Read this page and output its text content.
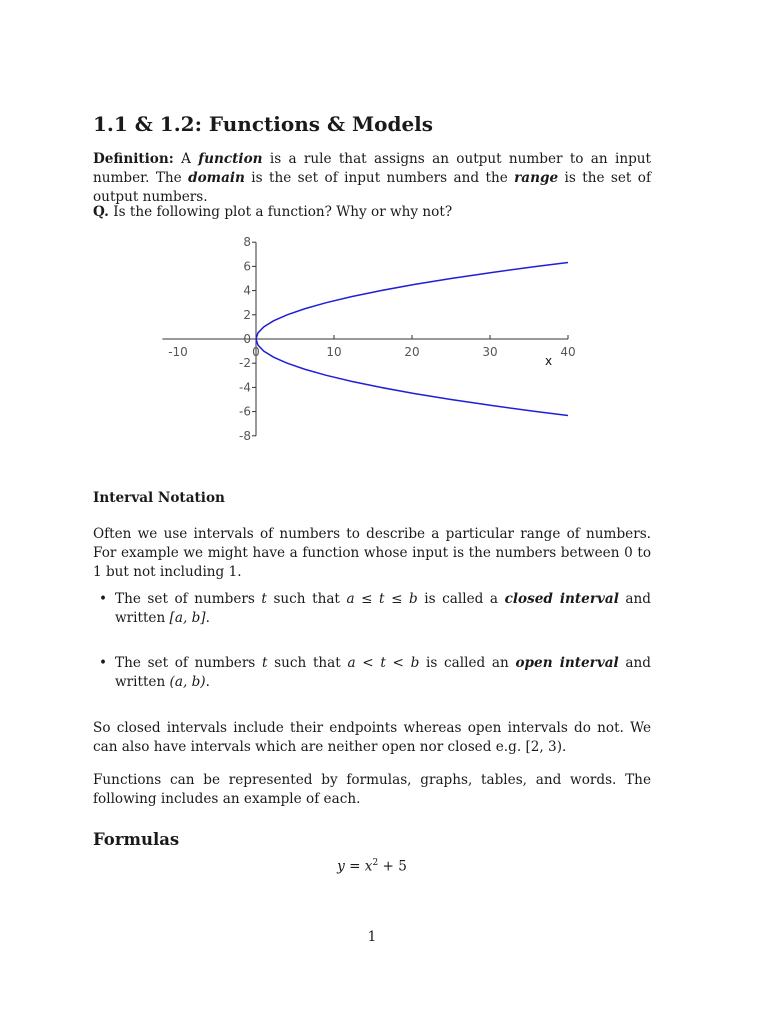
1.1 & 1.2: Functions & Models

Definition: A function is a rule that assigns an output number to an input number. The domain is the set of input numbers and the range is the set of output numbers.

Q. Is the following plot a function? Why or why not?

Interval Notation

Often we use intervals of numbers to describe a particular range of numbers. For example we might have a function whose input is the numbers between 0 to 1 but not including 1.

• The set of numbers t such that a ≤ t ≤ b is called a closed interval and written [a, b].
• The set of numbers t such that a < t < b is called an open interval and written (a, b).

So closed intervals include their endpoints whereas open intervals do not. We can also have intervals which are neither open nor closed e.g. [2, 3).

Functions can be represented by formulas, graphs, tables, and words. The following includes an example of each.

Formulas
$y = x^2 + 5$
1
-10	0	10	20	30	40
8
6
4
2
0
-2
-4
-6
-8
x
